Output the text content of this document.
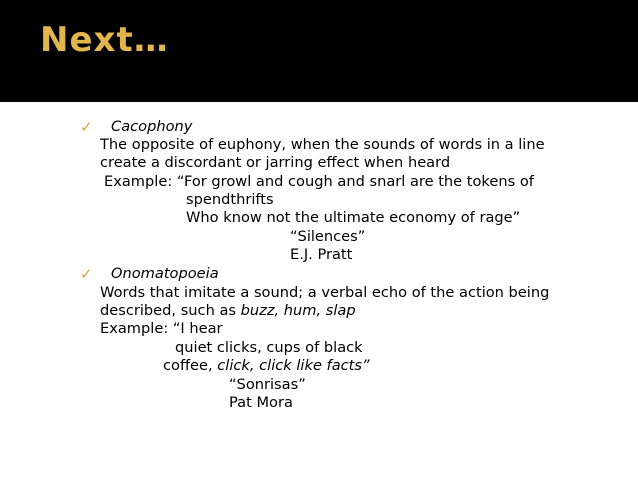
Next…
✓ Cacophony
The opposite of euphony, when the sounds of words in a line
create a discordant or jarring effect when heard
Example: “For growl and cough and snarl are the tokens of
spendthrifts
Who know not the ultimate economy of rage”
“Silences”
E.J. Pratt
✓ Onomatopoeia
Words that imitate a sound; a verbal echo of the action being
described, such as buzz, hum, slap
Example: “I hear
quiet clicks, cups of black
coffee, click, click like facts”
“Sonrisas”
Pat Mora
